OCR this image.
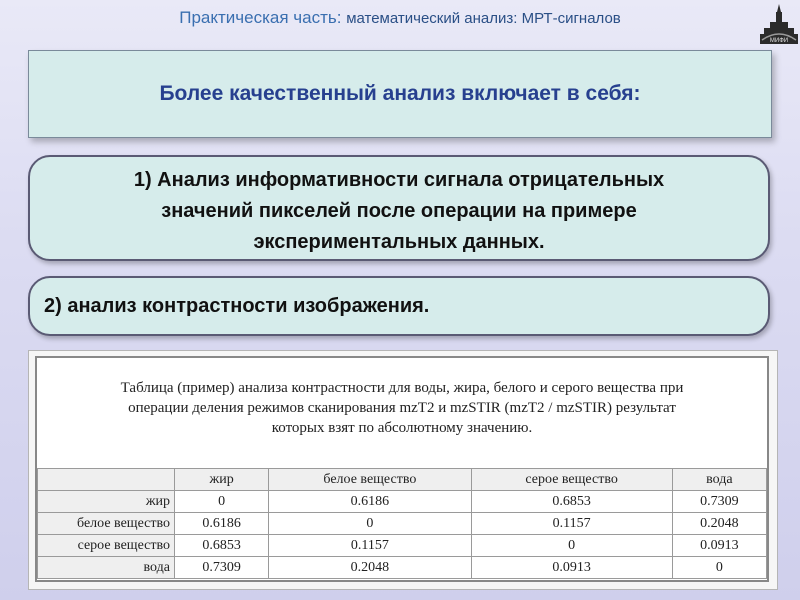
Практическая часть: математический анализ: МРТ-сигналов
МИФИ
Более качественный анализ включает в себя:
1) Анализ информативности сигнала отрицательных
значений пикселей после операции на примере
экспериментальных данных.
2) анализ контрастности изображения.
Таблица (пример) анализа контрастности для воды, жира, белого и серого вещества при
операции деления режимов сканирования mzT2 и mzSTIR (mzT2 / mzSTIR) результат
которых взят по абсолютному значению.
	жир	белое вещество	серое вещество	вода
жир	0	0.6186	0.6853	0.7309
белое вещество	0.6186	0	0.1157	0.2048
серое вещество	0.6853	0.1157	0	0.0913
вода	0.7309	0.2048	0.0913	0
